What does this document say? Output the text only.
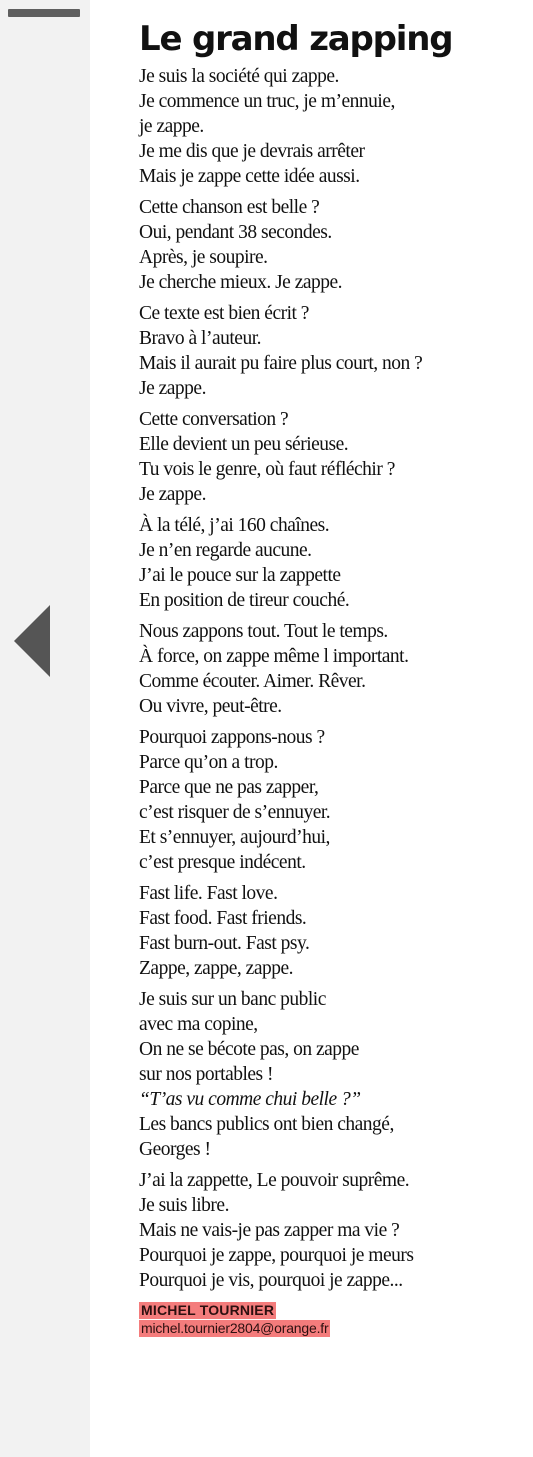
Le grand zapping

Je suis la société qui zappe.
Je commence un truc, je m’ennuie,
je zappe.
Je me dis que je devrais arrêter
Mais je zappe cette idée aussi.

Cette chanson est belle ?
Oui, pendant 38 secondes.
Après, je soupire.
Je cherche mieux. Je zappe.

Ce texte est bien écrit ?
Bravo à l’auteur.
Mais il aurait pu faire plus court, non ?
Je zappe.

Cette conversation ?
Elle devient un peu sérieuse.
Tu vois le genre, où faut réfléchir ?
Je zappe.

À la télé, j’ai 160 chaînes.
Je n’en regarde aucune.
J’ai le pouce sur la zappette
En position de tireur couché.

Nous zappons tout. Tout le temps.
À force, on zappe même l important.
Comme écouter. Aimer. Rêver.
Ou vivre, peut-être.

Pourquoi zappons-nous ?
Parce qu’on a trop.
Parce que ne pas zapper,
c’est risquer de s’ennuyer.
Et s’ennuyer, aujourd’hui,
c’est presque indécent.

Fast life. Fast love.
Fast food. Fast friends.
Fast burn-out. Fast psy.
Zappe, zappe, zappe.

Je suis sur un banc public
avec ma copine,
On ne se bécote pas, on zappe
sur nos portables !
“T’as vu comme chui belle ?”
Les bancs publics ont bien changé,
Georges !

J’ai la zappette, Le pouvoir suprême.
Je suis libre.
Mais ne vais-je pas zapper ma vie ?
Pourquoi je zappe, pourquoi je meurs
Pourquoi je vis, pourquoi je zappe...

MICHEL TOURNIER
michel.tournier2804@orange.fr
